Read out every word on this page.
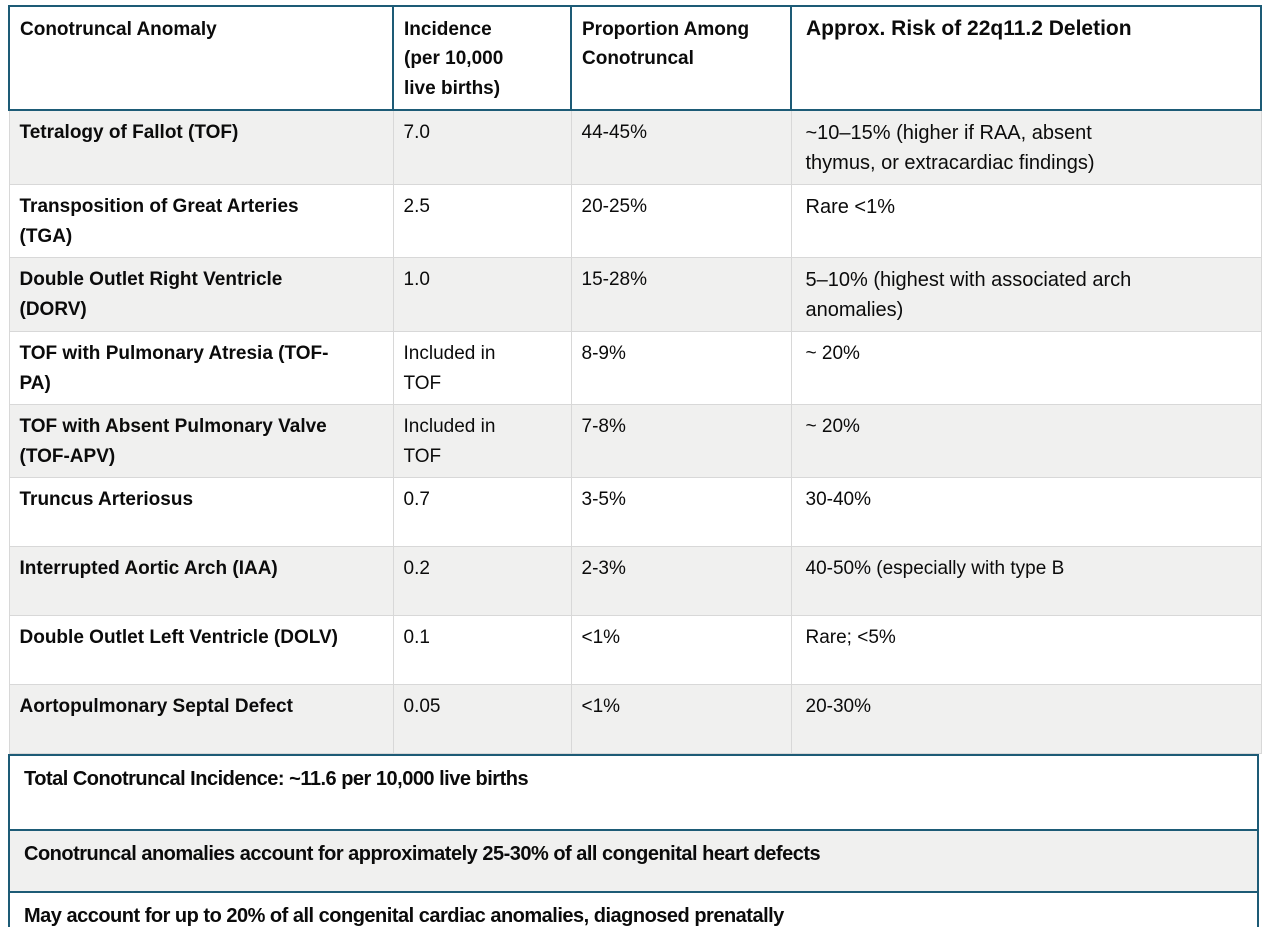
Conotruncal Anomaly	Incidence (per 10,000 live births)	Proportion Among Conotruncal	Approx. Risk of 22q11.2 Deletion
Tetralogy of Fallot (TOF)	7.0	44-45%	~10–15% (higher if RAA, absent thymus, or extracardiac findings)
Transposition of Great Arteries (TGA)	2.5	20-25%	Rare <1%
Double Outlet Right Ventricle (DORV)	1.0	15-28%	5–10% (highest with associated arch anomalies)
TOF with Pulmonary Atresia (TOF-PA)	Included in TOF	8-9%	~ 20%
TOF with Absent Pulmonary Valve (TOF-APV)	Included in TOF	7-8%	~ 20%
Truncus Arteriosus	0.7	3-5%	30-40%
Interrupted Aortic Arch (IAA)	0.2	2-3%	40-50% (especially with type B
Double Outlet Left Ventricle (DOLV)	0.1	<1%	Rare; <5%
Aortopulmonary Septal Defect	0.05	<1%	20-30%
Total Conotruncal Incidence: ~11.6 per 10,000 live births
Conotruncal anomalies account for approximately 25-30% of all congenital heart defects
May account for up to 20% of all congenital cardiac anomalies, diagnosed prenatally
